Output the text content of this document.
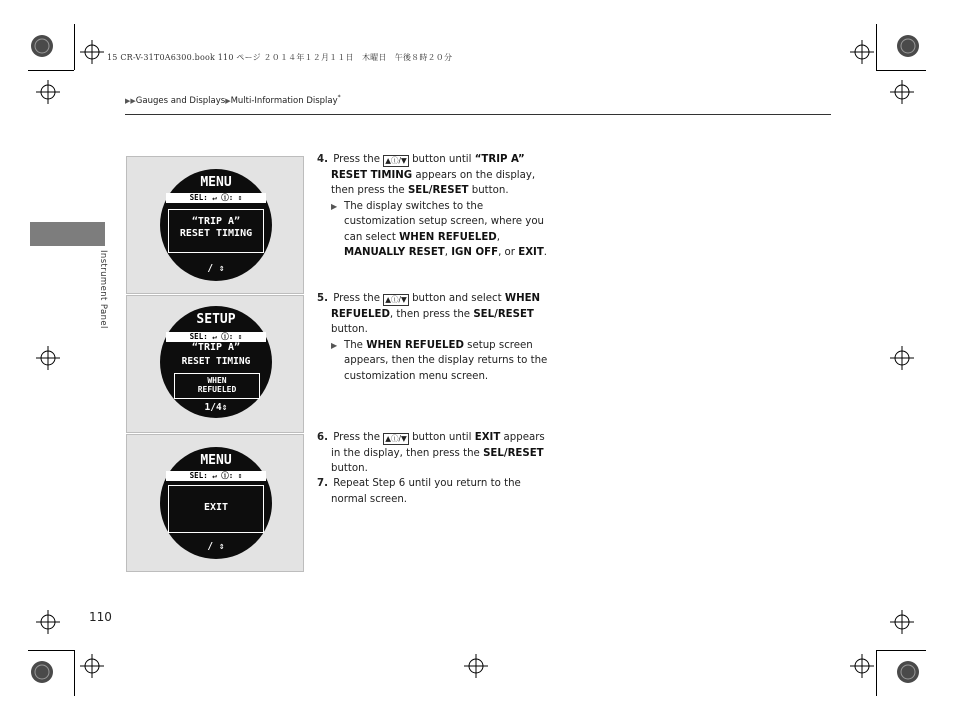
15 CR-V-31T0A6300.book 110 ページ ２０１４年１２月１１日　木曜日　午後８時２０分
▶▶Gauges and Displays▶Multi-Information Display*
Instrument Panel
MENU
SEL: ↵ ⓘ: ⇕
“TRIP A”
RESET TIMING
/ ⇕
SETUP
SEL: ↵ ⓘ: ⇕
“TRIP A”
RESET TIMING
WHEN
REFUELED
1/4⇕
MENU
SEL: ↵ ⓘ: ⇕
EXIT
/ ⇕

4. Press the ▲ⓘ/▼ button until “TRIP A”

RESET TIMING appears on the display,

then press the SEL/RESET button.

▶ The display switches to the

customization setup screen, where you

can select WHEN REFUELED,

MANUALLY RESET, IGN OFF, or EXIT.

5. Press the ▲ⓘ/▼ button and select WHEN

REFUELED, then press the SEL/RESET

button.

▶ The WHEN REFUELED setup screen

appears, then the display returns to the

customization menu screen.

6. Press the ▲ⓘ/▼ button until EXIT appears

in the display, then press the SEL/RESET

button.

7. Repeat Step 6 until you return to the

normal screen.

110
